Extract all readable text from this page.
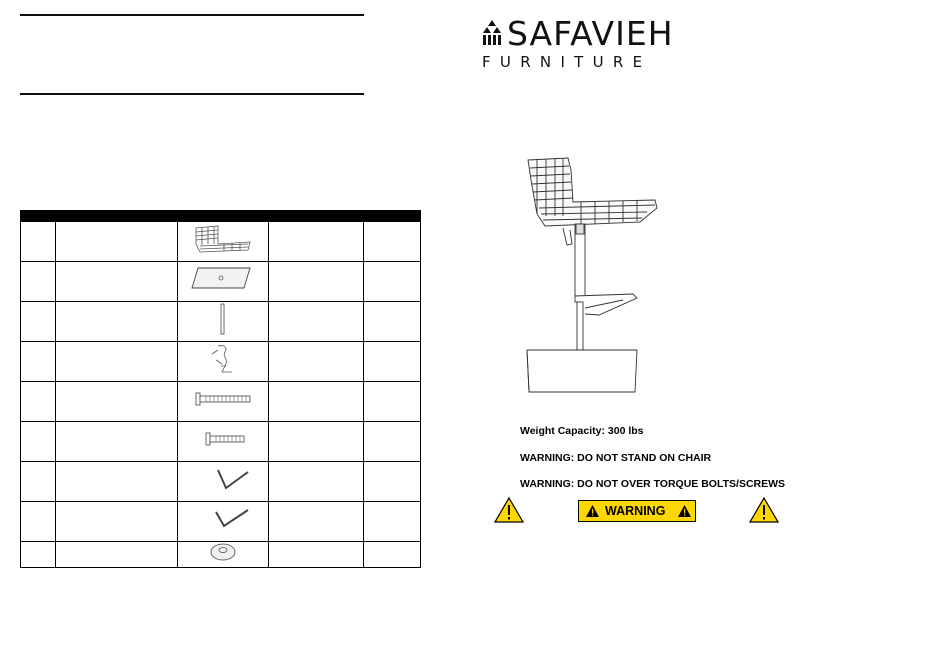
SAFAVIEH
FURNITURE
Weight Capacity: 300 lbs
WARNING: DO NOT STAND ON CHAIR
WARNING: DO NOT OVER TORQUE BOLTS/SCREWS
WARNING
